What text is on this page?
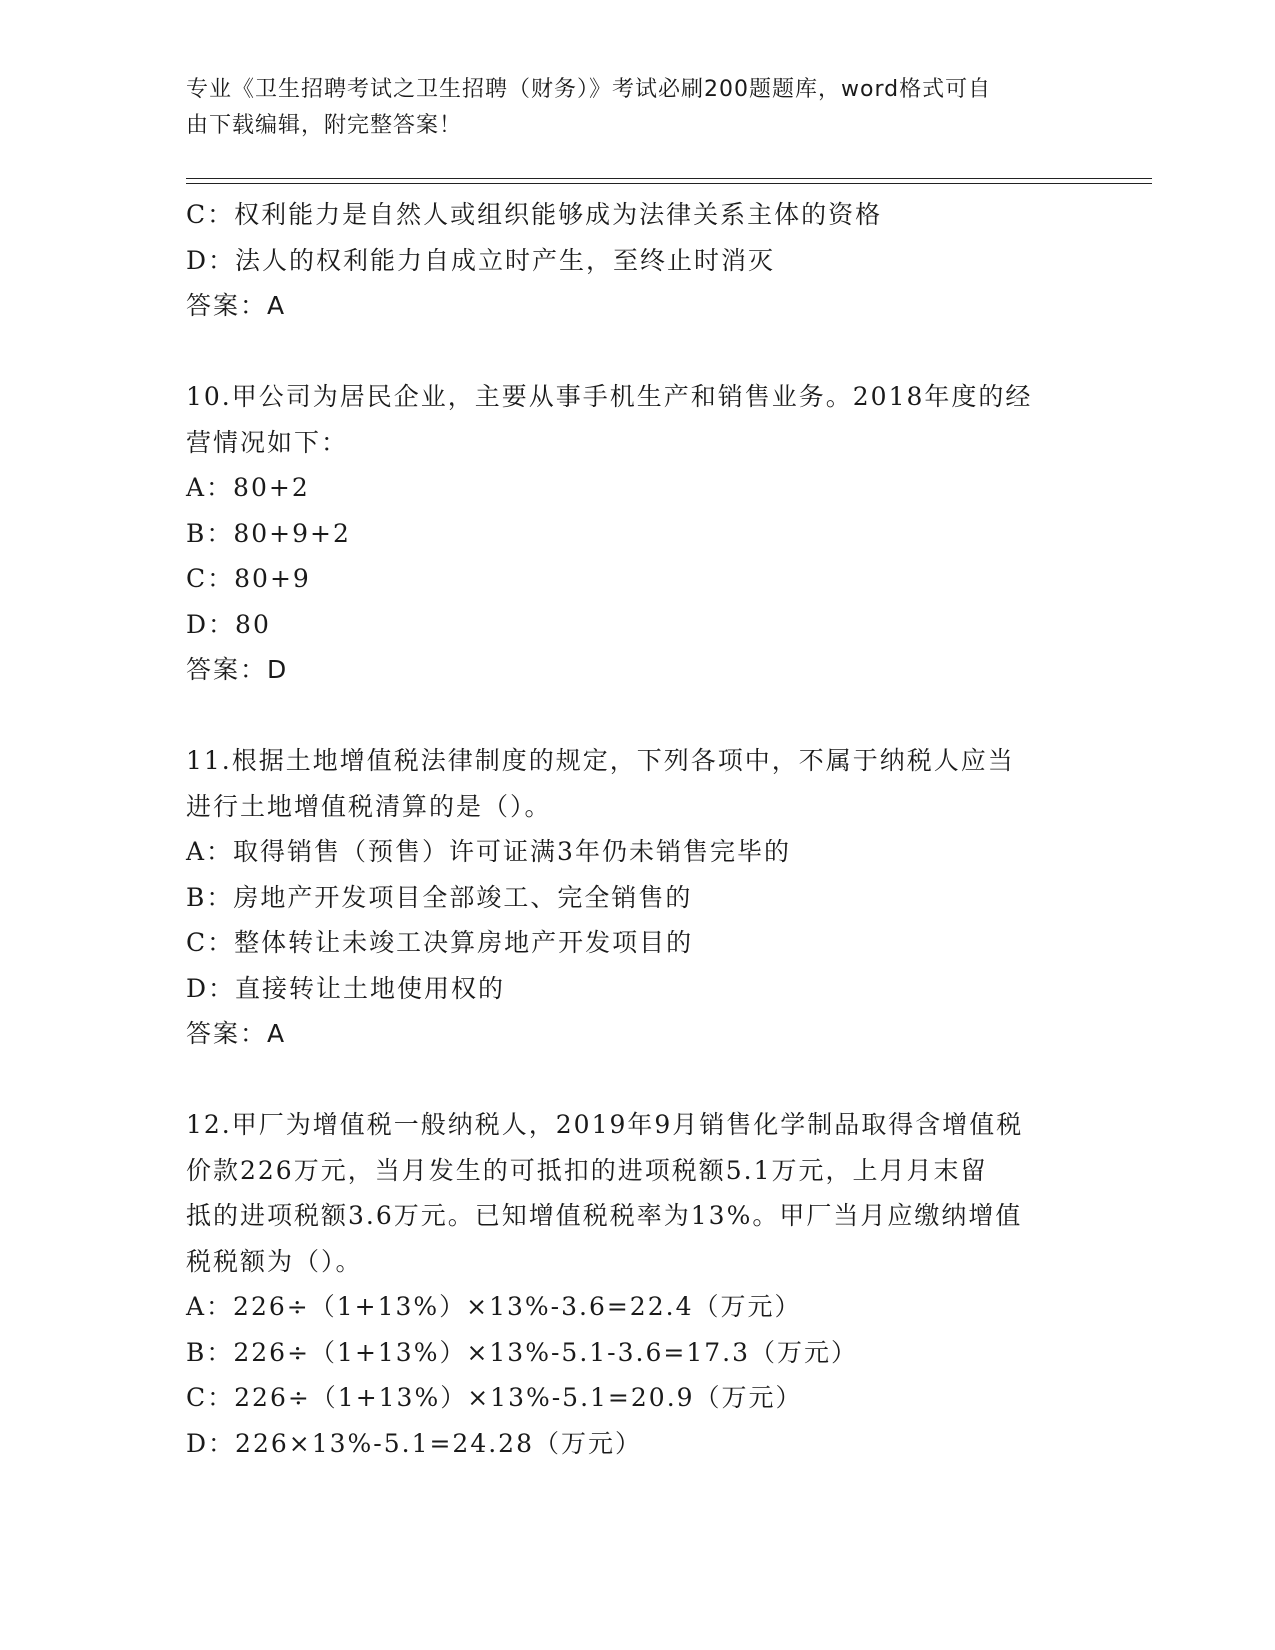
专业《卫生招聘考试之卫生招聘（财务）》考试必刷200题题库，word格式可自
由下载编辑，附完整答案！
C：权利能力是自然人或组织能够成为法律关系主体的资格
D：法人的权利能力自成立时产生，至终止时消灭
答案：A
10.甲公司为居民企业，主要从事手机生产和销售业务。2018年度的经
营情况如下：
A：80+2
B：80+9+2
C：80+9
D：80
答案：D
11.根据土地增值税法律制度的规定，下列各项中，不属于纳税人应当
进行土地增值税清算的是（）。
A：取得销售（预售）许可证满3年仍未销售完毕的
B：房地产开发项目全部竣工、完全销售的
C：整体转让未竣工决算房地产开发项目的
D：直接转让土地使用权的
答案：A
12.甲厂为增值税一般纳税人，2019年9月销售化学制品取得含增值税
价款226万元，当月发生的可抵扣的进项税额5.1万元，上月月末留
抵的进项税额3.6万元。已知增值税税率为13%。甲厂当月应缴纳增值
税税额为（）。
A：226÷（1+13%）×13%-3.6=22.4（万元）
B：226÷（1+13%）×13%-5.1-3.6=17.3（万元）
C：226÷（1+13%）×13%-5.1=20.9（万元）
D：226×13%-5.1=24.28（万元）
